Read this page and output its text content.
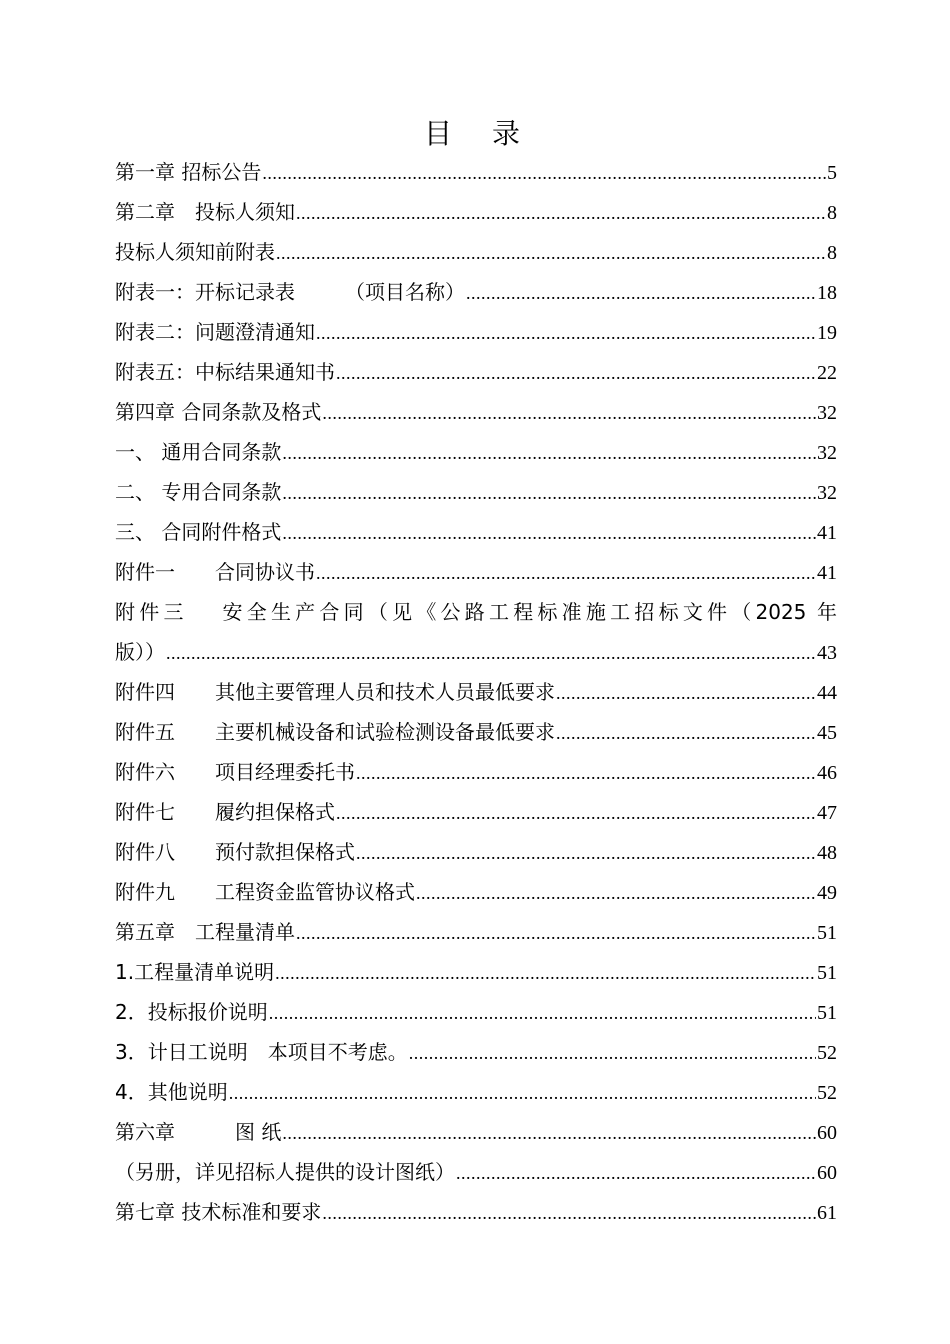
目　录
第一章 招标公告 .....	5
第二章　投标人须知 .....	8
投标人须知前附表 .....	8
附表一：开标记录表　　　（项目名称） .....	18
附表二：问题澄清通知 .....	19
附表五：中标结果通知书 .....	22
第四章 合同条款及格式 .....	32
一、 通用合同条款 .....	32
二、 专用合同条款 .....	32
三、 合同附件格式 .....	41
附件一　　合同协议书 .....	41
附件三　 安全生产合同（见《公路工程标准施工招标文件（2025 年
版）） .....	43
附件四　　其他主要管理人员和技术人员最低要求 .....	44
附件五　　主要机械设备和试验检测设备最低要求 .....	45
附件六　　项目经理委托书 .....	46
附件七　　履约担保格式 .....	47
附件八　　预付款担保格式 .....	48
附件九　　工程资金监管协议格式 .....	49
第五章　工程量清单 .....	51
1.工程量清单说明 .....	51
2．投标报价说明 .....	51
3．计日工说明　 本项目不考虑。 .....	52
4．其他说明 .....	52
第六章　　　图 纸 .....	60
（另册，详见招标人提供的设计图纸） .....	60
第七章 技术标准和要求 .....	61
